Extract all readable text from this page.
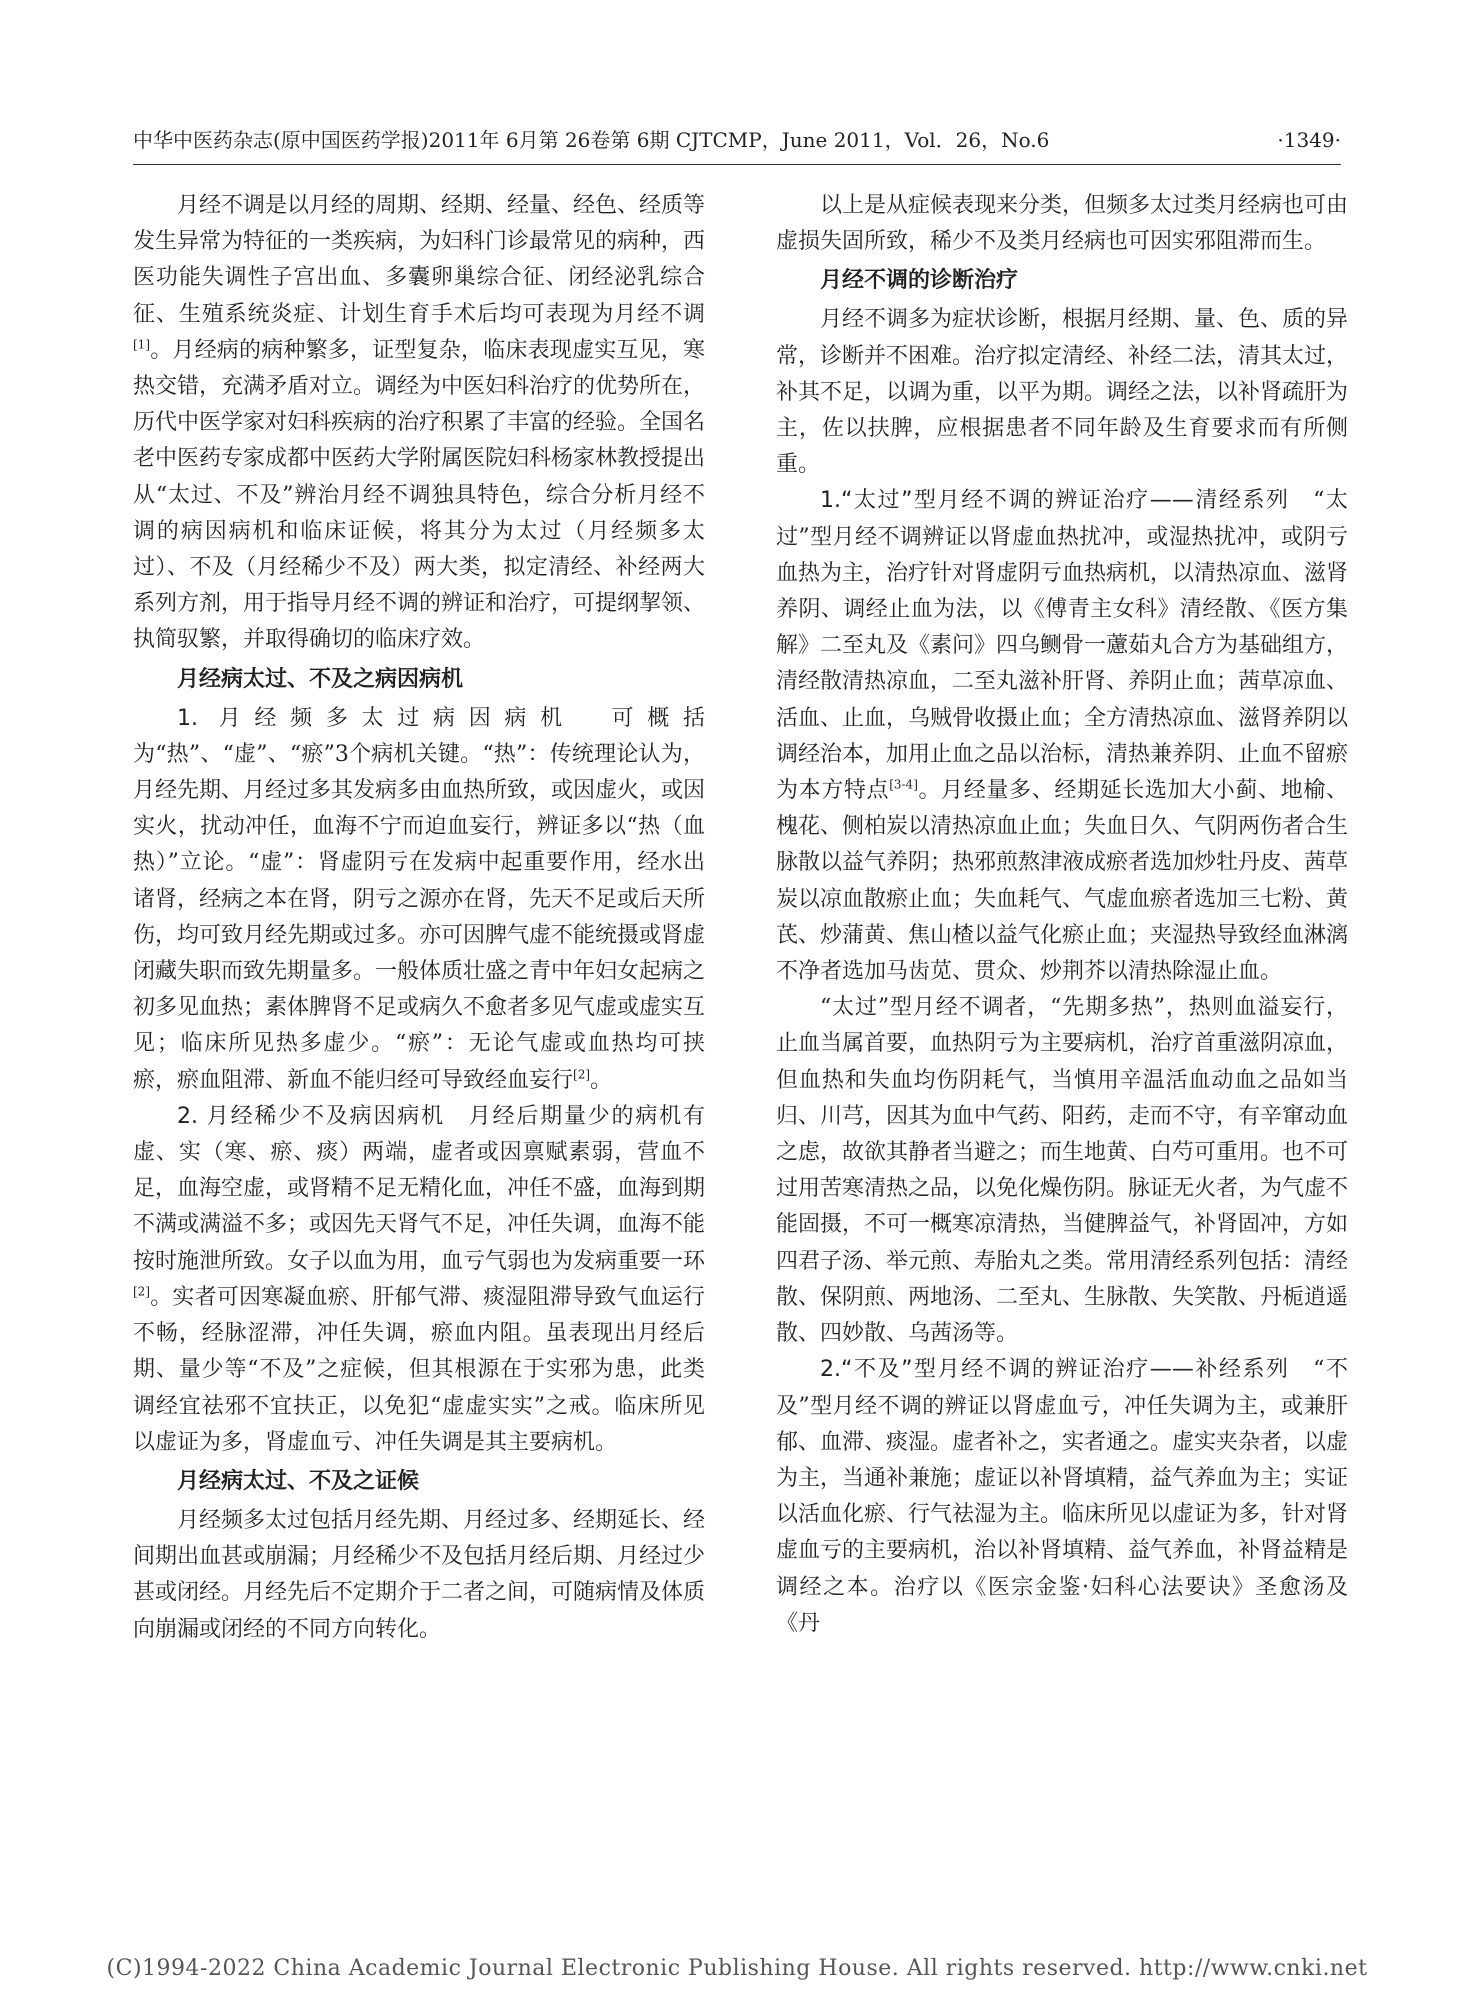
中华中医药杂志(原中国医药学报)2011年 6月第 26卷第 6期 CJTCMP，June 2011，Vol．26，No.6	·1349·

月经不调是以月经的周期、经期、经量、经色、经质等发生异常为特征的一类疾病，为妇科门诊最常见的病种，西医功能失调性子宫出血、多囊卵巢综合征、闭经泌乳综合征、生殖系统炎症、计划生育手术后均可表现为月经不调[1]。月经病的病种繁多，证型复杂，临床表现虚实互见，寒热交错，充满矛盾对立。调经为中医妇科治疗的优势所在，历代中医学家对妇科疾病的治疗积累了丰富的经验。全国名老中医药专家成都中医药大学附属医院妇科杨家林教授提出从“太过、不及”辨治月经不调独具特色，综合分析月经不调的病因病机和临床证候，将其分为太过（月经频多太过）、不及（月经稀少不及）两大类，拟定清经、补经两大系列方剂，用于指导月经不调的辨证和治疗，可提纲挈领、执简驭繁，并取得确切的临床疗效。

月经病太过、不及之病因病机

1. 月经频多太过病因病机　可概括为“热”、“虚”、“瘀”3个病机关键。“热”：传统理论认为，月经先期、月经过多其发病多由血热所致，或因虚火，或因实火，扰动冲任，血海不宁而迫血妄行，辨证多以“热（血热）”立论。“虚”：肾虚阴亏在发病中起重要作用，经水出诸肾，经病之本在肾，阴亏之源亦在肾，先天不足或后天所伤，均可致月经先期或过多。亦可因脾气虚不能统摄或肾虚闭藏失职而致先期量多。一般体质壮盛之青中年妇女起病之初多见血热；素体脾肾不足或病久不愈者多见气虚或虚实互见；临床所见热多虚少。“瘀”：无论气虚或血热均可挟瘀，瘀血阻滞、新血不能归经可导致经血妄行[2]。

2. 月经稀少不及病因病机　月经后期量少的病机有虚、实（寒、瘀、痰）两端，虚者或因禀赋素弱，营血不足，血海空虚，或肾精不足无精化血，冲任不盛，血海到期不满或满溢不多；或因先天肾气不足，冲任失调，血海不能按时施泄所致。女子以血为用，血亏气弱也为发病重要一环[2]。实者可因寒凝血瘀、肝郁气滞、痰湿阻滞导致气血运行不畅，经脉涩滞，冲任失调，瘀血内阻。虽表现出月经后期、量少等“不及”之症候，但其根源在于实邪为患，此类调经宜祛邪不宜扶正，以免犯“虚虚实实”之戒。临床所见以虚证为多，肾虚血亏、冲任失调是其主要病机。

月经病太过、不及之证候

月经频多太过包括月经先期、月经过多、经期延长、经间期出血甚或崩漏；月经稀少不及包括月经后期、月经过少甚或闭经。月经先后不定期介于二者之间，可随病情及体质向崩漏或闭经的不同方向转化。

以上是从症候表现来分类，但频多太过类月经病也可由虚损失固所致，稀少不及类月经病也可因实邪阻滞而生。

月经不调的诊断治疗

月经不调多为症状诊断，根据月经期、量、色、质的异常，诊断并不困难。治疗拟定清经、补经二法，清其太过，补其不足，以调为重，以平为期。调经之法，以补肾疏肝为主，佐以扶脾，应根据患者不同年龄及生育要求而有所侧重。

1.“太过”型月经不调的辨证治疗——清经系列　“太过”型月经不调辨证以肾虚血热扰冲，或湿热扰冲，或阴亏血热为主，治疗针对肾虚阴亏血热病机，以清热凉血、滋肾养阴、调经止血为法，以《傅青主女科》清经散、《医方集解》二至丸及《素问》四乌鲗骨一藘茹丸合方为基础组方，清经散清热凉血，二至丸滋补肝肾、养阴止血；茜草凉血、活血、止血，乌贼骨收摄止血；全方清热凉血、滋肾养阴以调经治本，加用止血之品以治标，清热兼养阴、止血不留瘀为本方特点[3-4]。月经量多、经期延长选加大小蓟、地榆、槐花、侧柏炭以清热凉血止血；失血日久、气阴两伤者合生脉散以益气养阴；热邪煎熬津液成瘀者选加炒牡丹皮、茜草炭以凉血散瘀止血；失血耗气、气虚血瘀者选加三七粉、黄芪、炒蒲黄、焦山楂以益气化瘀止血；夹湿热导致经血淋漓不净者选加马齿苋、贯众、炒荆芥以清热除湿止血。

“太过”型月经不调者，“先期多热”，热则血溢妄行，止血当属首要，血热阴亏为主要病机，治疗首重滋阴凉血，但血热和失血均伤阴耗气，当慎用辛温活血动血之品如当归、川芎，因其为血中气药、阳药，走而不守，有辛窜动血之虑，故欲其静者当避之；而生地黄、白芍可重用。也不可过用苦寒清热之品，以免化燥伤阴。脉证无火者，为气虚不能固摄，不可一概寒凉清热，当健脾益气，补肾固冲，方如四君子汤、举元煎、寿胎丸之类。常用清经系列包括：清经散、保阴煎、两地汤、二至丸、生脉散、失笑散、丹栀逍遥散、四妙散、乌茜汤等。

2.“不及”型月经不调的辨证治疗——补经系列　“不及”型月经不调的辨证以肾虚血亏，冲任失调为主，或兼肝郁、血滞、痰湿。虚者补之，实者通之。虚实夹杂者，以虚为主，当通补兼施；虚证以补肾填精，益气养血为主；实证以活血化瘀、行气祛湿为主。临床所见以虚证为多，针对肾虚血亏的主要病机，治以补肾填精、益气养血，补肾益精是调经之本。治疗以《医宗金鉴·妇科心法要诀》圣愈汤及《丹

(C)1994-2022 China Academic Journal Electronic Publishing House. All rights reserved. http://www.cnki.net
